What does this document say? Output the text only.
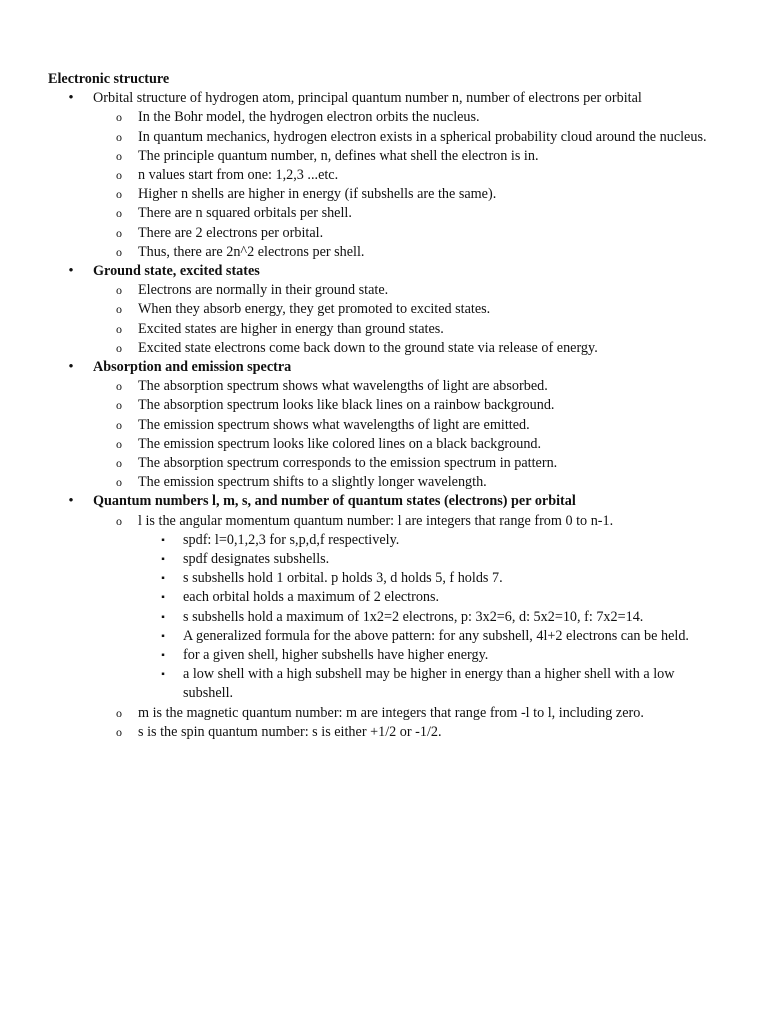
Electronic structure
•	Orbital structure of hydrogen atom, principal quantum number n, number of electrons per orbital
o In the Bohr model, the hydrogen electron orbits the nucleus.
o In quantum mechanics, hydrogen electron exists in a spherical probability cloud around the nucleus.
o The principle quantum number, n, defines what shell the electron is in.
o n values start from one: 1,2,3 ...etc.
o Higher n shells are higher in energy (if subshells are the same).
o There are n squared orbitals per shell.
o There are 2 electrons per orbital.
o Thus, there are 2n^2 electrons per shell.
•	Ground state, excited states
o Electrons are normally in their ground state.
o When they absorb energy, they get promoted to excited states.
o Excited states are higher in energy than ground states.
o Excited state electrons come back down to the ground state via release of energy.
•	Absorption and emission spectra
o The absorption spectrum shows what wavelengths of light are absorbed.
o The absorption spectrum looks like black lines on a rainbow background.
o The emission spectrum shows what wavelengths of light are emitted.
o The emission spectrum looks like colored lines on a black background.
o The absorption spectrum corresponds to the emission spectrum in pattern.
o The emission spectrum shifts to a slightly longer wavelength.
•	Quantum numbers l, m, s, and number of quantum states (electrons) per orbital
o l is the angular momentum quantum number: l are integers that range from 0 to n-1.
▪	spdf: l=0,1,2,3 for s,p,d,f respectively.
▪	spdf designates subshells.
▪	s subshells hold 1 orbital. p holds 3, d holds 5, f holds 7.
▪	each orbital holds a maximum of 2 electrons.
▪	s subshells hold a maximum of 1x2=2 electrons, p: 3x2=6, d: 5x2=10, f: 7x2=14.
▪	A generalized formula for the above pattern: for any subshell, 4l+2 electrons can be held.
▪	for a given shell, higher subshells have higher energy.
▪	a low shell with a high subshell may be higher in energy than a higher shell with a low subshell.
o m is the magnetic quantum number: m are integers that range from -l to l, including zero.
o s is the spin quantum number: s is either +1/2 or -1/2.
